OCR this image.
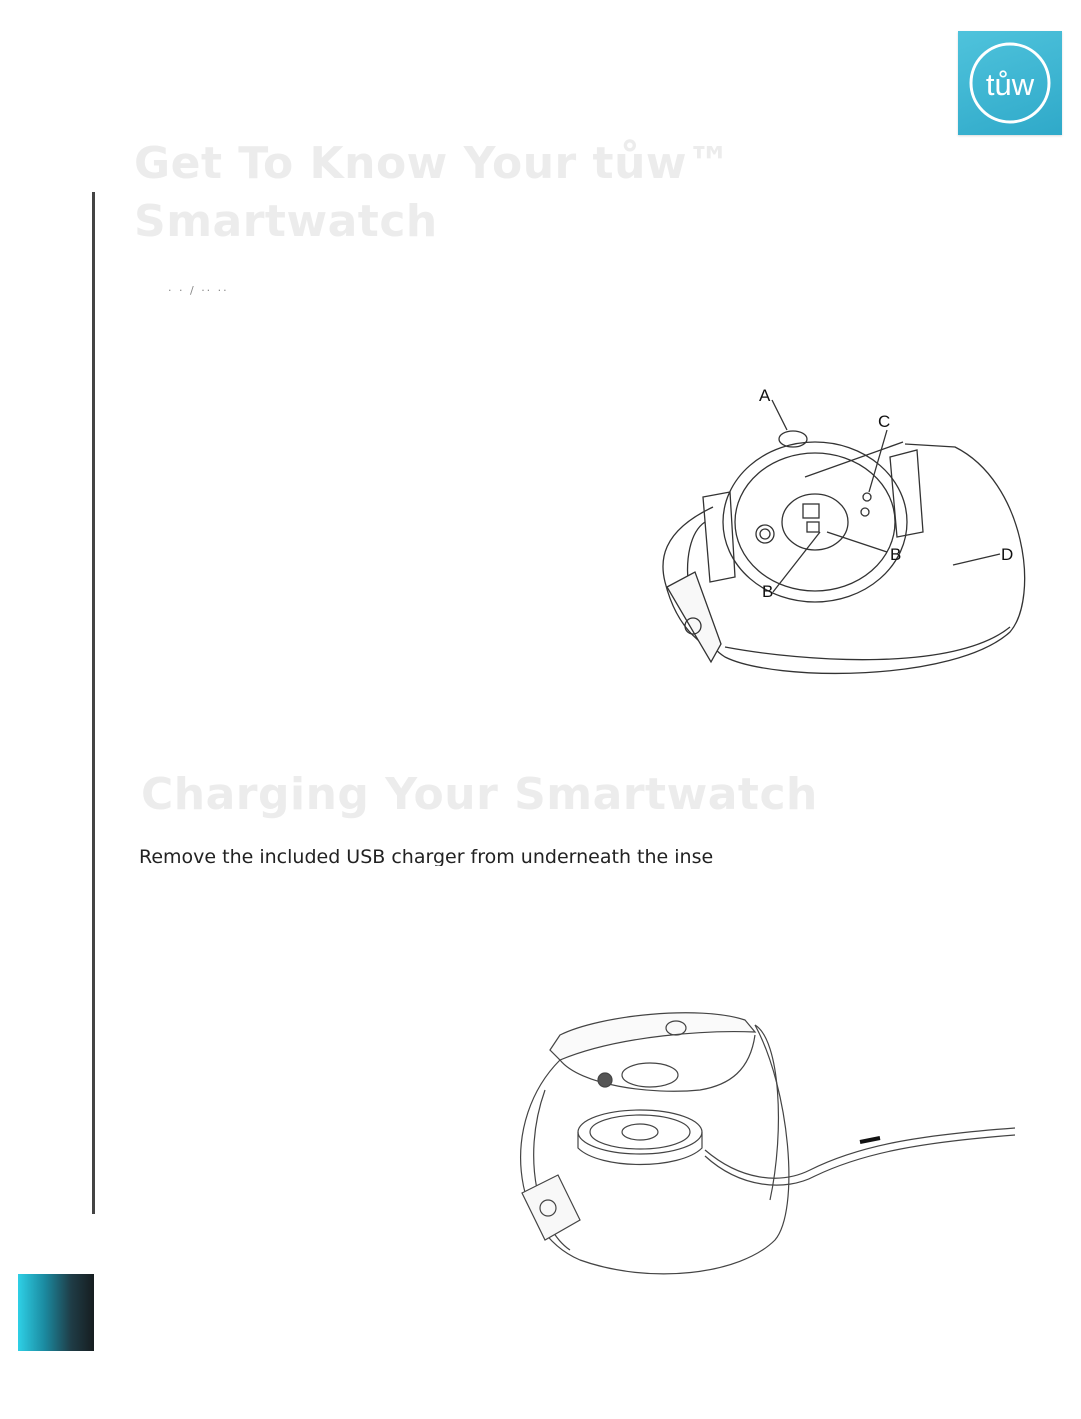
tůw
Get To Know Your tůw™
Smartwatch
· · / ·· ··
A
C
B
B
D
Charging Your Smartwatch
Remove the included USB charger from underneath the inse
